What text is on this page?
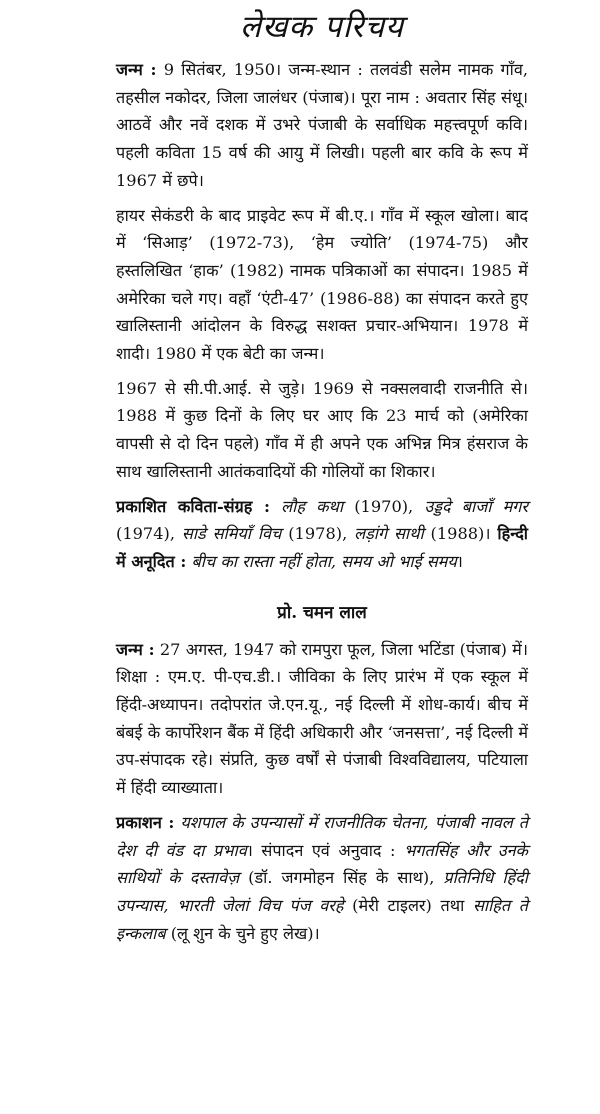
लेखक परिचय

जन्म : 9 सितंबर, 1950। जन्म-स्थान : तलवंडी सलेम नामक गाँव, तहसील नकोदर, जिला जालंधर (पंजाब)। पूरा नाम : अवतार सिंह संधू। आठवें और नवें दशक में उभरे पंजाबी के सर्वाधिक महत्त्वपूर्ण कवि। पहली कविता 15 वर्ष की आयु में लिखी। पहली बार कवि के रूप में 1967 में छपे।

हायर सेकंडरी के बाद प्राइवेट रूप में बी.ए.। गाँव में स्कूल खोला। बाद में ‘सिआड़’ (1972-73), ‘हेम ज्योति’ (1974-75) और हस्तलिखित ‘हाक’ (1982) नामक पत्रिकाओं का संपादन। 1985 में अमेरिका चले गए। वहाँ ‘एंटी-47’ (1986-88) का संपादन करते हुए खालिस्तानी आंदोलन के विरुद्ध सशक्त प्रचार-अभियान। 1978 में शादी। 1980 में एक बेटी का जन्म।

1967 से सी.पी.आई. से जुड़े। 1969 से नक्सलवादी राजनीति से। 1988 में कुछ दिनों के लिए घर आए कि 23 मार्च को (अमेरिका वापसी से दो दिन पहले) गाँव में ही अपने एक अभिन्न मित्र हंसराज के साथ खालिस्तानी आतंकवादियों की गोलियों का शिकार।

प्रकाशित कविता-संग्रह : लौह कथा (1970), उड्डदे बाजाँ मगर (1974), साडे समियाँ विच (1978), लड़ांगे साथी (1988)। हिन्दी में अनूदित : बीच का रास्ता नहीं होता, समय ओ भाई समय।

प्रो. चमन लाल

जन्म : 27 अगस्त, 1947 को रामपुरा फूल, जिला भटिंडा (पंजाब) में। शिक्षा : एम.ए. पी-एच.डी.। जीविका के लिए प्रारंभ में एक स्कूल में हिंदी-अध्यापन। तदोपरांत जे.एन.यू., नई दिल्ली में शोध-कार्य। बीच में बंबई के कार्पोरेशन बैंक में हिंदी अधिकारी और ‘जनसत्ता’, नई दिल्ली में उप-संपादक रहे। संप्रति, कुछ वर्षों से पंजाबी विश्वविद्यालय, पटियाला में हिंदी व्याख्याता।

प्रकाशन : यशपाल के उपन्यासों में राजनीतिक चेतना, पंजाबी नावल ते देश दी वंड दा प्रभाव। संपादन एवं अनुवाद : भगतसिंह और उनके साथियों के दस्तावेज़ (डॉ. जगमोहन सिंह के साथ), प्रतिनिधि हिंदी उपन्यास, भारती जेलां विच पंज वरहे (मेरी टाइलर) तथा साहित ते इन्कलाब (लू शुन के चुने हुए लेख)।
